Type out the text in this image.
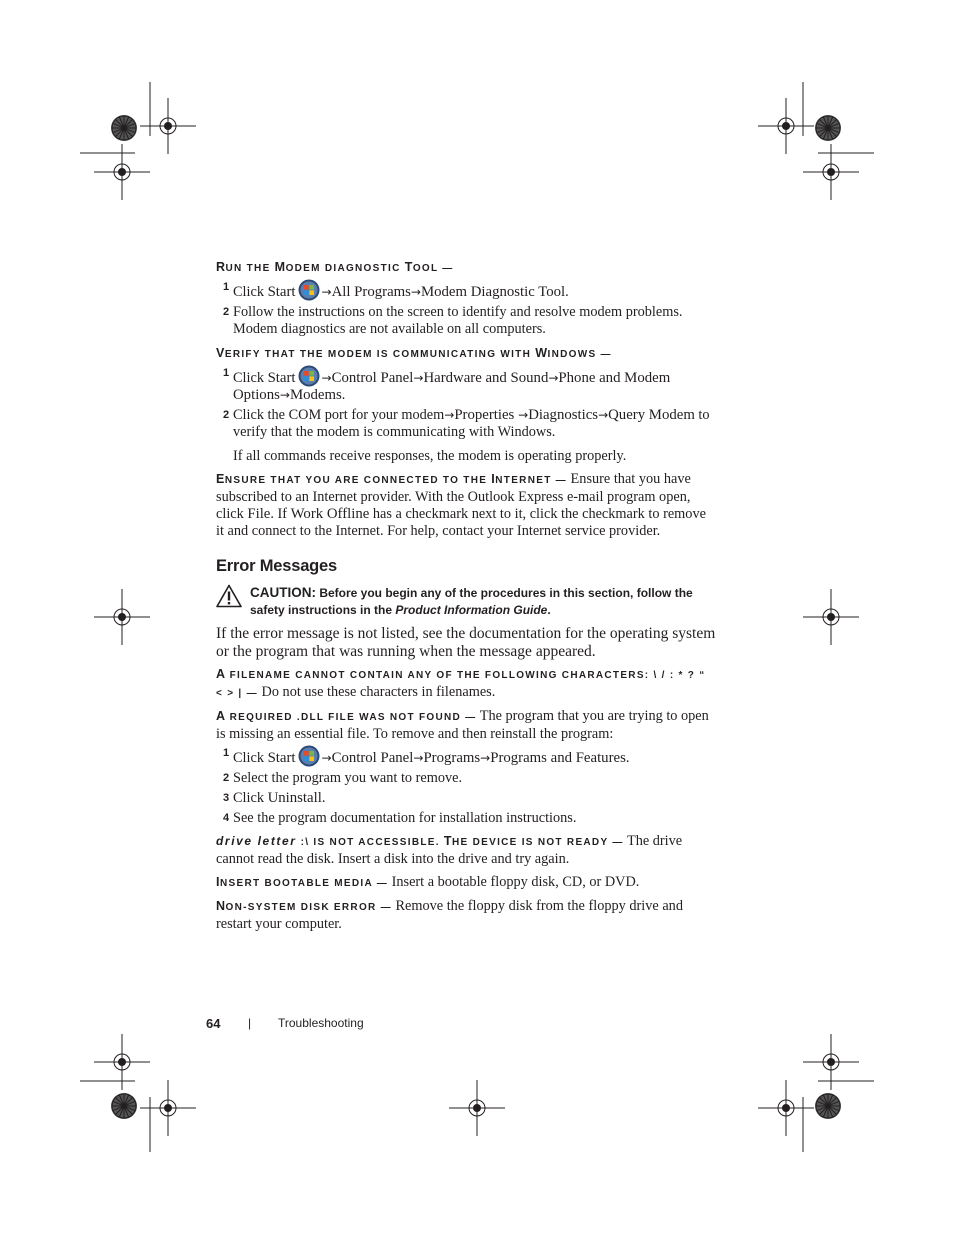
RUN THE MODEM DIAGNOSTIC TOOL —

1 Click Start →All Programs→Modem Diagnostic Tool.

2 Follow the instructions on the screen to identify and resolve modem problems. Modem diagnostics are not available on all computers.

VERIFY THAT THE MODEM IS COMMUNICATING WITH WINDOWS —

1 Click Start →Control Panel→Hardware and Sound→Phone and Modem Options→Modems.

2 Click the COM port for your modem→Properties →Diagnostics→Query Modem to verify that the modem is communicating with Windows.

If all commands receive responses, the modem is operating properly.

ENSURE THAT YOU ARE CONNECTED TO THE INTERNET — Ensure that you have subscribed to an Internet provider. With the Outlook Express e-mail program open, click File. If Work Offline has a checkmark next to it, click the checkmark to remove it and connect to the Internet. For help, contact your Internet service provider.

Error Messages
CAUTION: Before you begin any of the procedures in this section, follow the safety instructions in the Product Information Guide.

If the error message is not listed, see the documentation for the operating system or the program that was running when the message appeared.

A FILENAME CANNOT CONTAIN ANY OF THE FOLLOWING CHARACTERS: \ / : * ? “ < > | — Do not use these characters in filenames.

A REQUIRED .DLL FILE WAS NOT FOUND — The program that you are trying to open is missing an essential file. To remove and then reinstall the program:

1 Click Start →Control Panel→Programs→Programs and Features.

2 Select the program you want to remove.

3 Click Uninstall.

4 See the program documentation for installation instructions.

drive letter :\ IS NOT ACCESSIBLE. THE DEVICE IS NOT READY — The drive cannot read the disk. Insert a disk into the drive and try again.

INSERT BOOTABLE MEDIA — Insert a bootable floppy disk, CD, or DVD.

NON-SYSTEM DISK ERROR — Remove the floppy disk from the floppy drive and restart your computer.

64 | Troubleshooting
